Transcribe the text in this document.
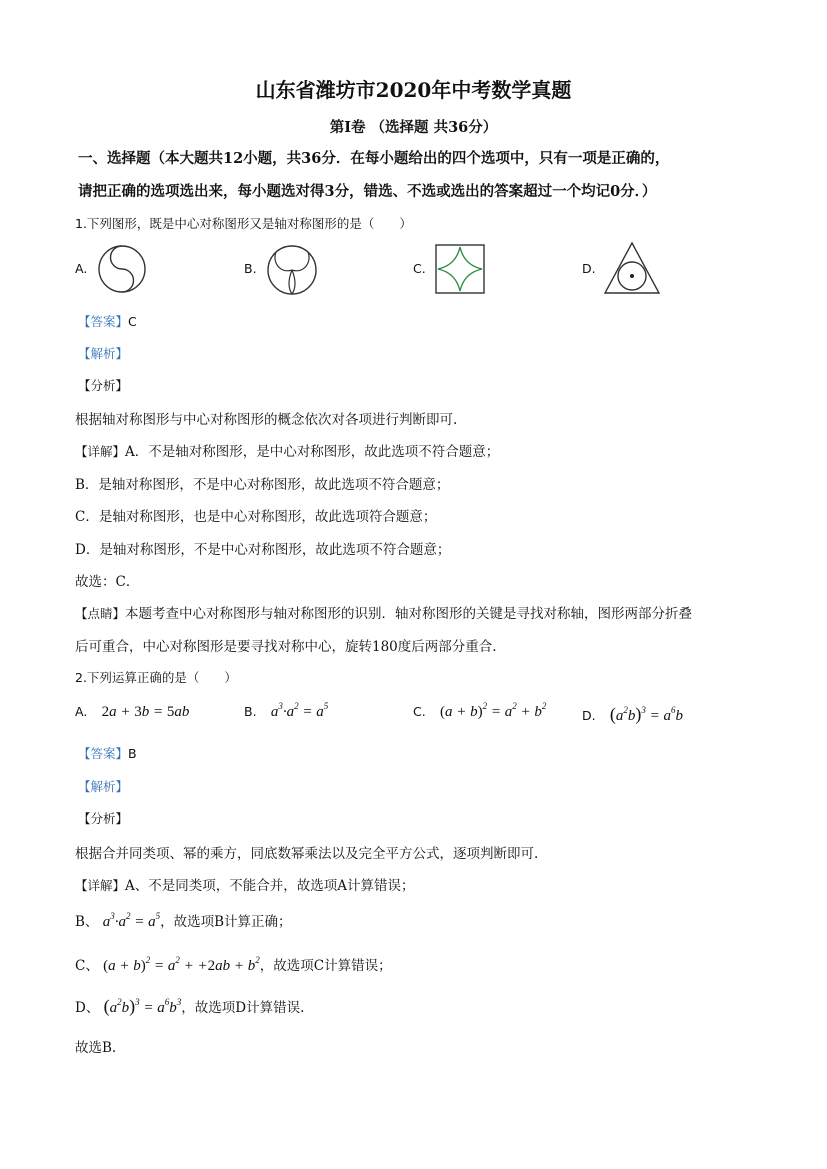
山东省潍坊市2020年中考数学真题
第Ⅰ卷 （选择题 共36分）
一、选择题（本大题共12小题，共36分．在每小题给出的四个选项中，只有一项是正确的，
请把正确的选项选出来，每小题选对得3分，错选、不选或选出的答案超过一个均记0分．）
1.下列图形，既是中心对称图形又是轴对称图形的是（　　）
A.	B.	C.	D.
【答案】C
【解析】
【分析】
根据轴对称图形与中心对称图形的概念依次对各项进行判断即可.
【详解】A．不是轴对称图形，是中心对称图形，故此选项不符合题意；
B．是轴对称图形，不是中心对称图形，故此选项不符合题意；
C．是轴对称图形，也是中心对称图形，故此选项符合题意；
D．是轴对称图形，不是中心对称图形，故此选项不符合题意；
故选：C．
【点睛】本题考查中心对称图形与轴对称图形的识别．轴对称图形的关键是寻找对称轴，图形两部分折叠
后可重合，中心对称图形是要寻找对称中心，旋转180度后两部分重合.
2.下列运算正确的是（　　）
A. 2a + 3b = 5ab	B. $a^3\cdot a^2 = a^5$	C. $(a + b)^2 = a^2 + b^2$
D. $(a^2b)^3 = a^6b$
【答案】B
【解析】
【分析】
根据合并同类项、幂的乘方，同底数幂乘法以及完全平方公式，逐项判断即可.
【详解】A、不是同类项，不能合并，故选项A计算错误；
B、 $a^3\cdot a^2 = a^5$，故选项B计算正确；
C、 $(a + b)^2 = a^2 + +2ab + b^2$，故选项C计算错误；
D、 $(a^2b)^3 = a^6b^3$，故选项D计算错误.
故选B.
